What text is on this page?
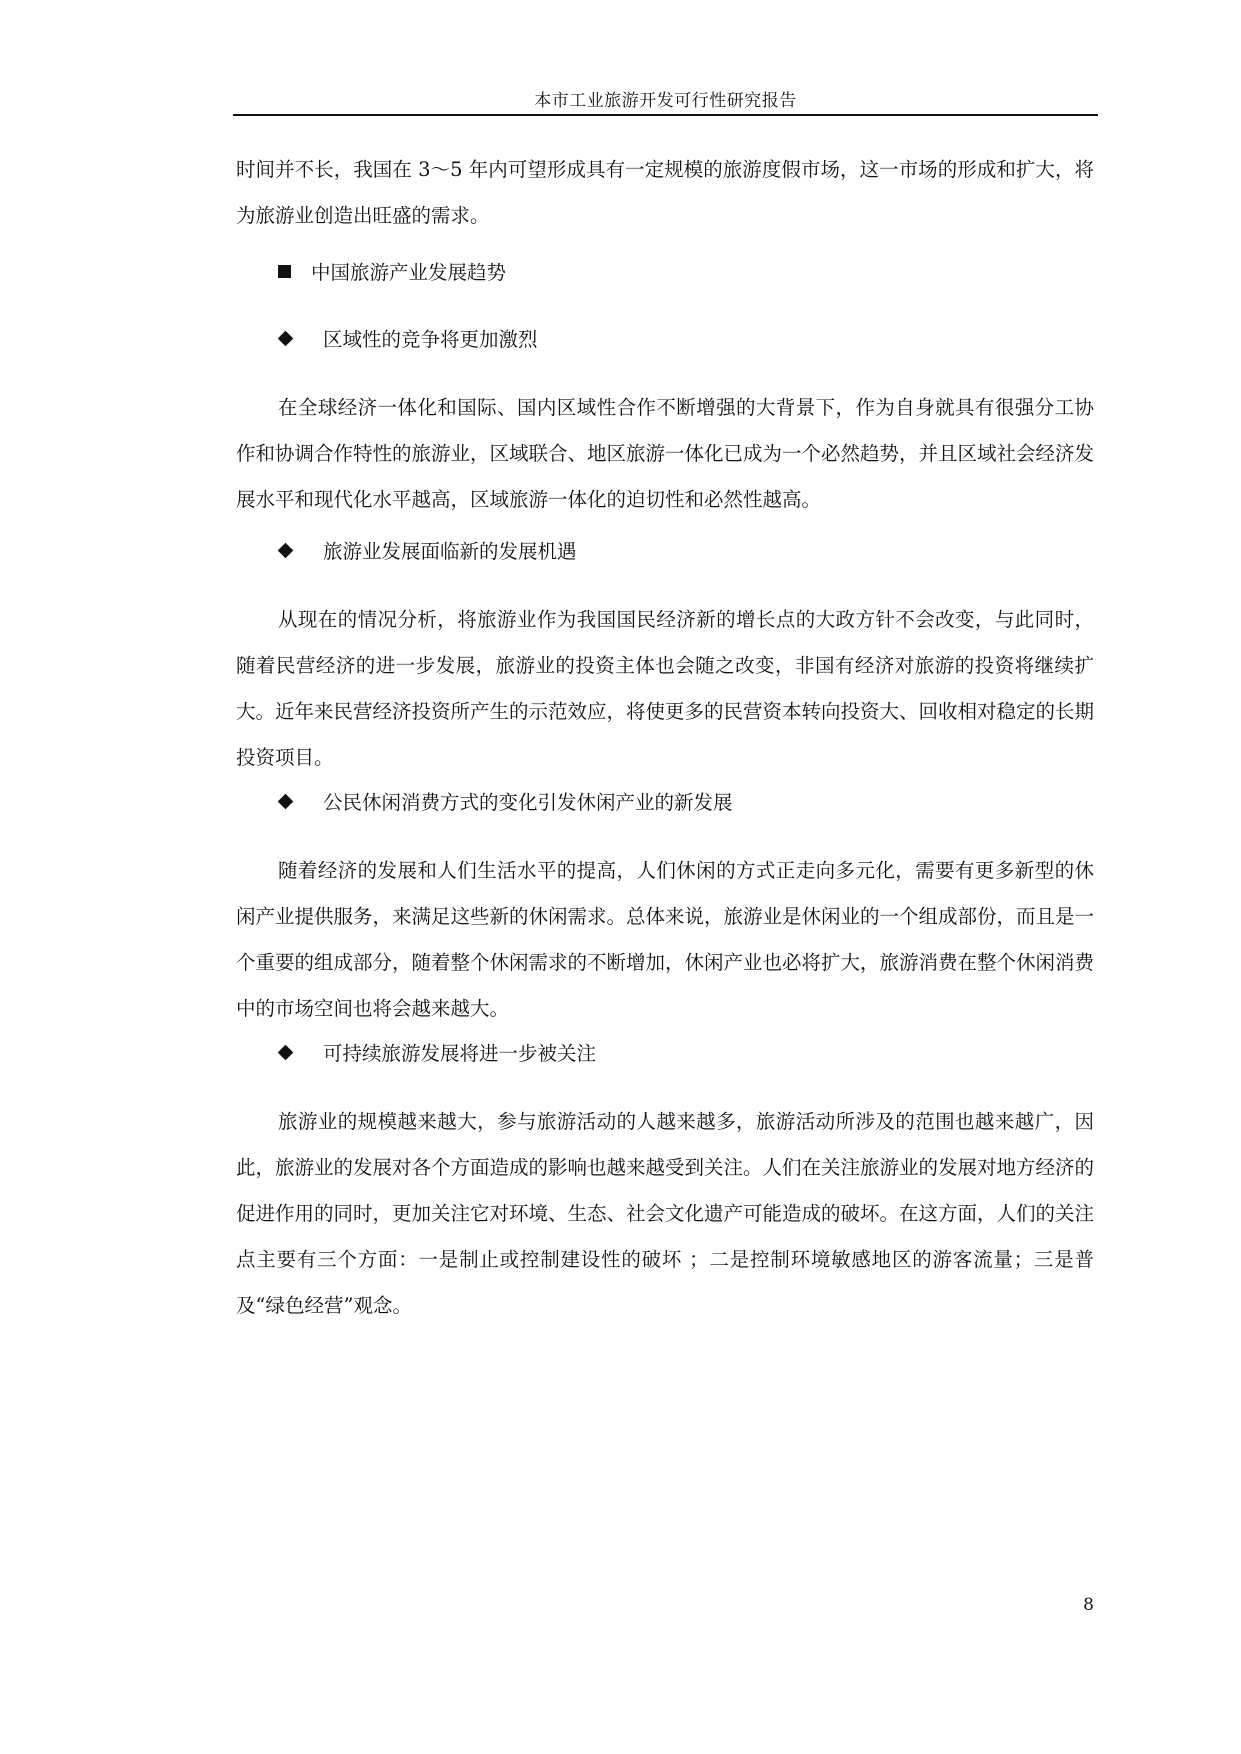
本市工业旅游开发可行性研究报告
时间并不长，我国在 3～5 年内可望形成具有一定规模的旅游度假市场，这一市场的形成和扩大，将为旅游业创造出旺盛的需求。
中国旅游产业发展趋势
区域性的竞争将更加激烈
在全球经济一体化和国际、国内区域性合作不断增强的大背景下，作为自身就具有很强分工协作和协调合作特性的旅游业，区域联合、地区旅游一体化已成为一个必然趋势，并且区域社会经济发展水平和现代化水平越高，区域旅游一体化的迫切性和必然性越高。
旅游业发展面临新的发展机遇
从现在的情况分析，将旅游业作为我国国民经济新的增长点的大政方针不会改变，与此同时，随着民营经济的进一步发展，旅游业的投资主体也会随之改变，非国有经济对旅游的投资将继续扩大。近年来民营经济投资所产生的示范效应，将使更多的民营资本转向投资大、回收相对稳定的长期投资项目。
公民休闲消费方式的变化引发休闲产业的新发展
随着经济的发展和人们生活水平的提高，人们休闲的方式正走向多元化，需要有更多新型的休闲产业提供服务，来满足这些新的休闲需求。总体来说，旅游业是休闲业的一个组成部份，而且是一个重要的组成部分，随着整个休闲需求的不断增加，休闲产业也必将扩大，旅游消费在整个休闲消费中的市场空间也将会越来越大。
可持续旅游发展将进一步被关注
旅游业的规模越来越大，参与旅游活动的人越来越多，旅游活动所涉及的范围也越来越广，因此，旅游业的发展对各个方面造成的影响也越来越受到关注。人们在关注旅游业的发展对地方经济的促进作用的同时，更加关注它对环境、生态、社会文化遗产可能造成的破坏。在这方面，人们的关注点主要有三个方面：一是制止或控制建设性的破坏 ；二是控制环境敏感地区的游客流量；三是普及“绿色经营”观念。
8
